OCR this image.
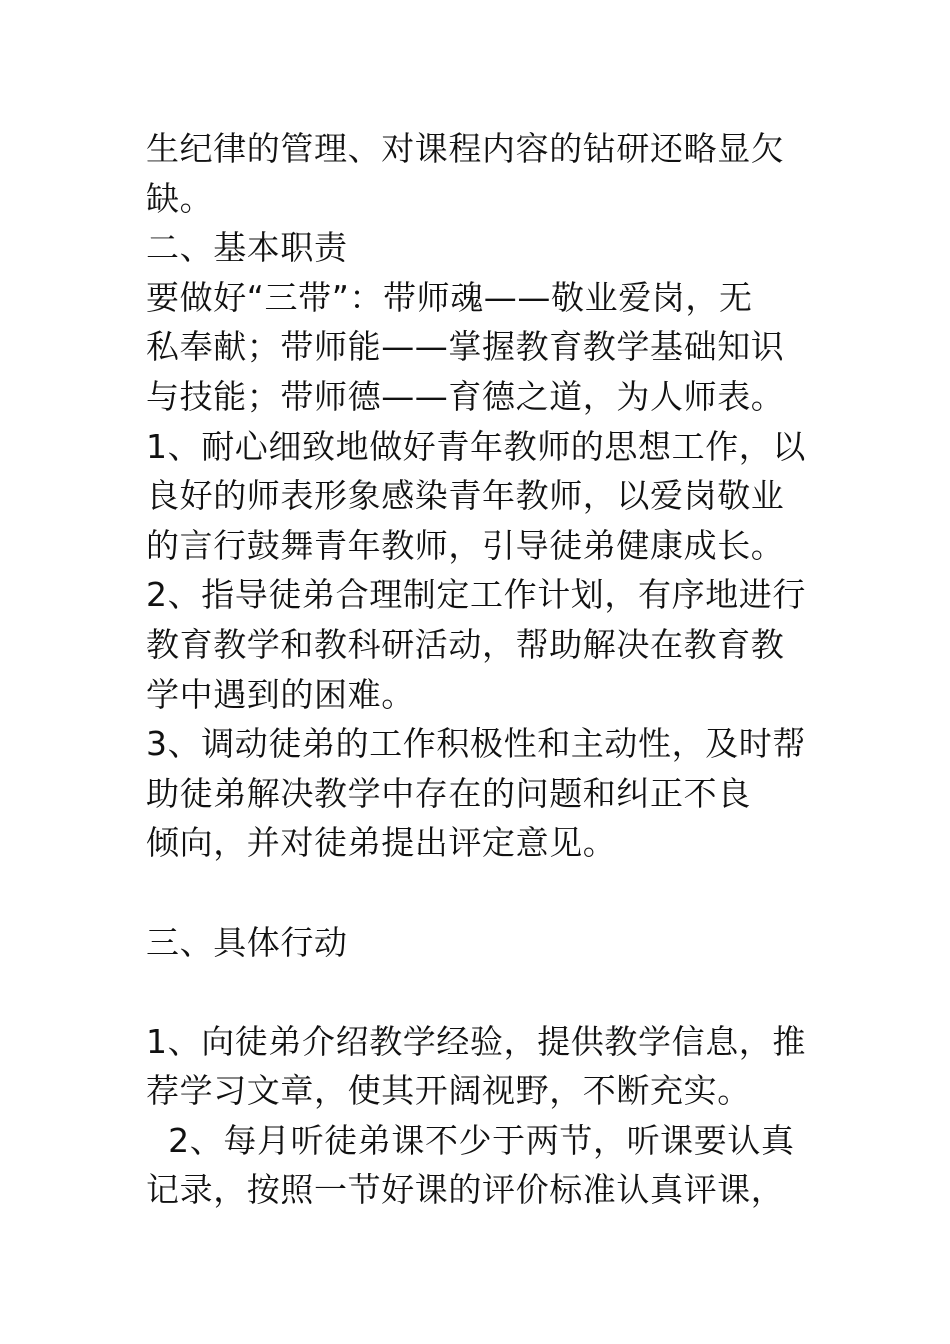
生纪律的管理、对课程内容的钻研还略显欠
缺。
二、基本职责
要做好“三带”：带师魂——敬业爱岗，无
私奉献；带师能——掌握教育教学基础知识
与技能；带师德——育德之道，为人师表。
1、耐心细致地做好青年教师的思想工作，以
良好的师表形象感染青年教师，以爱岗敬业
的言行鼓舞青年教师，引导徒弟健康成长。
2、指导徒弟合理制定工作计划，有序地进行
教育教学和教科研活动，帮助解决在教育教
学中遇到的困难。
3、调动徒弟的工作积极性和主动性，及时帮
助徒弟解决教学中存在的问题和纠正不良
倾向，并对徒弟提出评定意见。
三、具体行动
1、向徒弟介绍教学经验，提供教学信息，推
荐学习文章，使其开阔视野，不断充实。
2、每月听徒弟课不少于两节，听课要认真
记录，按照一节好课的评价标准认真评课，
